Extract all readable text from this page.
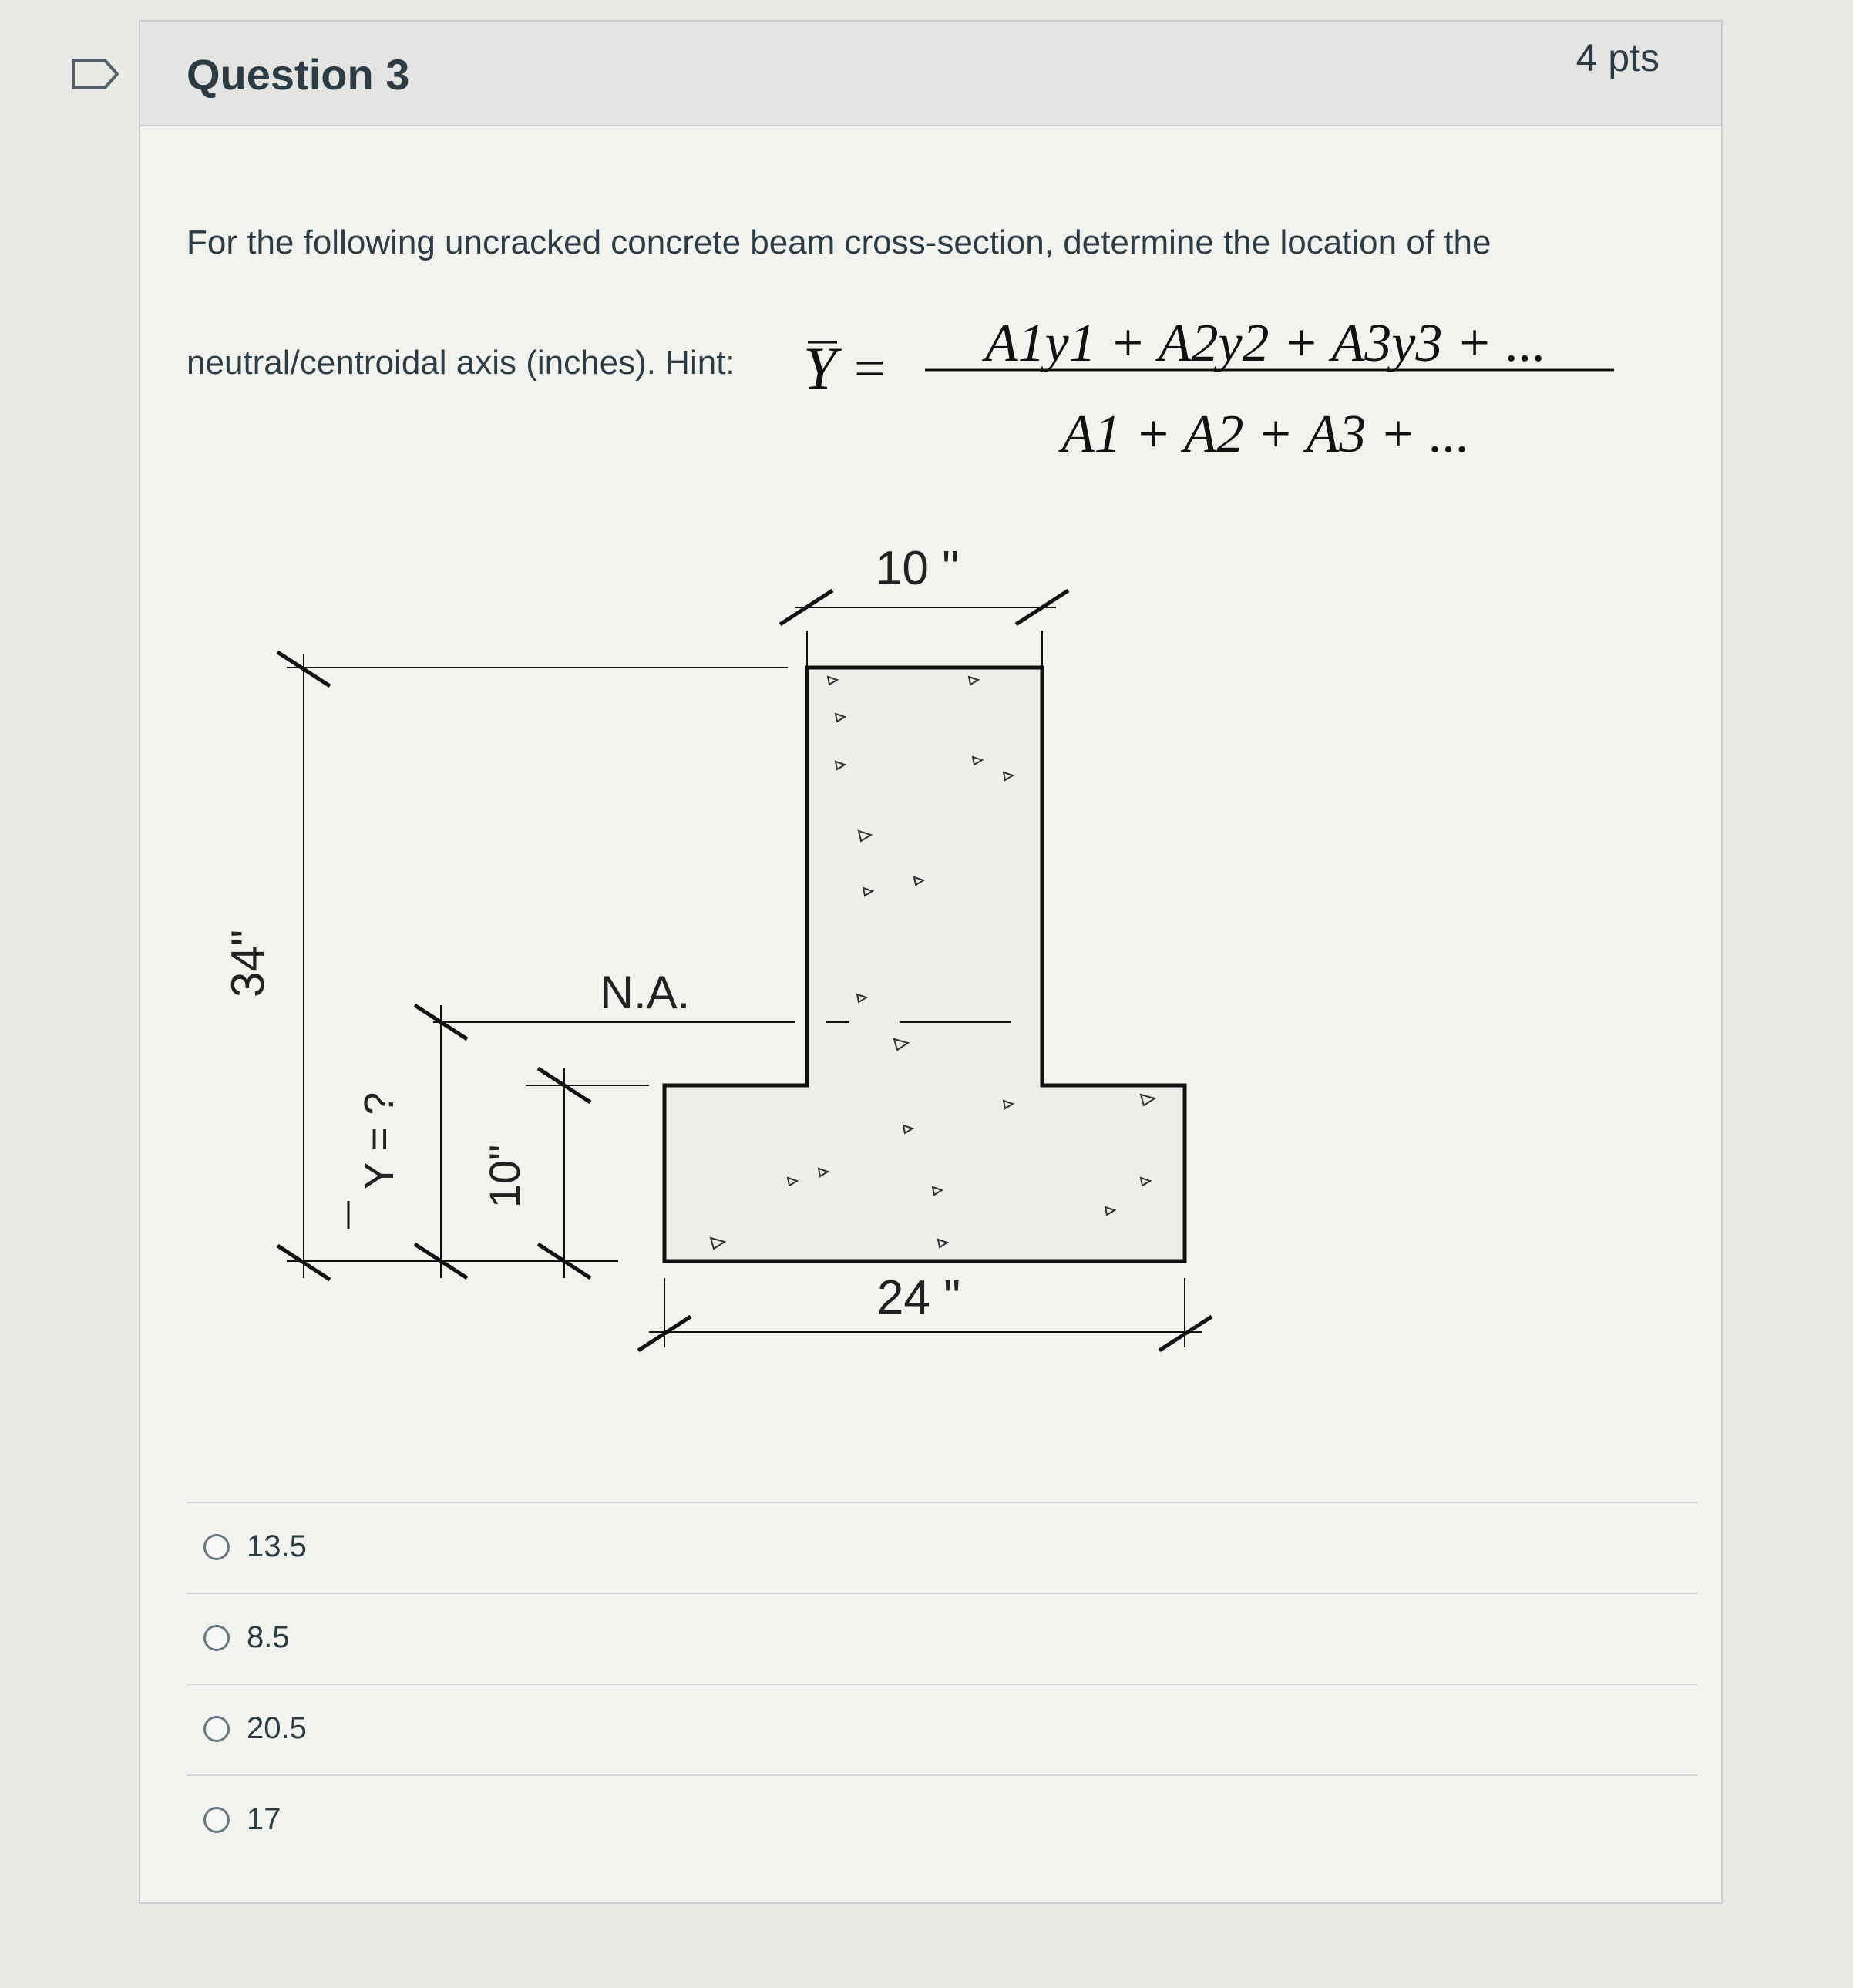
Question 3	4 pts
For the following uncracked concrete beam cross-section, determine the location of the
neutral/centroidal axis (inches). Hint: Y = A1y1 + A2y2 + A3y3 + ...
A1 + A2 + A3 + ...
N.A.
10 "
34"
Y = ? 10"
24 "
13.5
8.5
20.5
17
